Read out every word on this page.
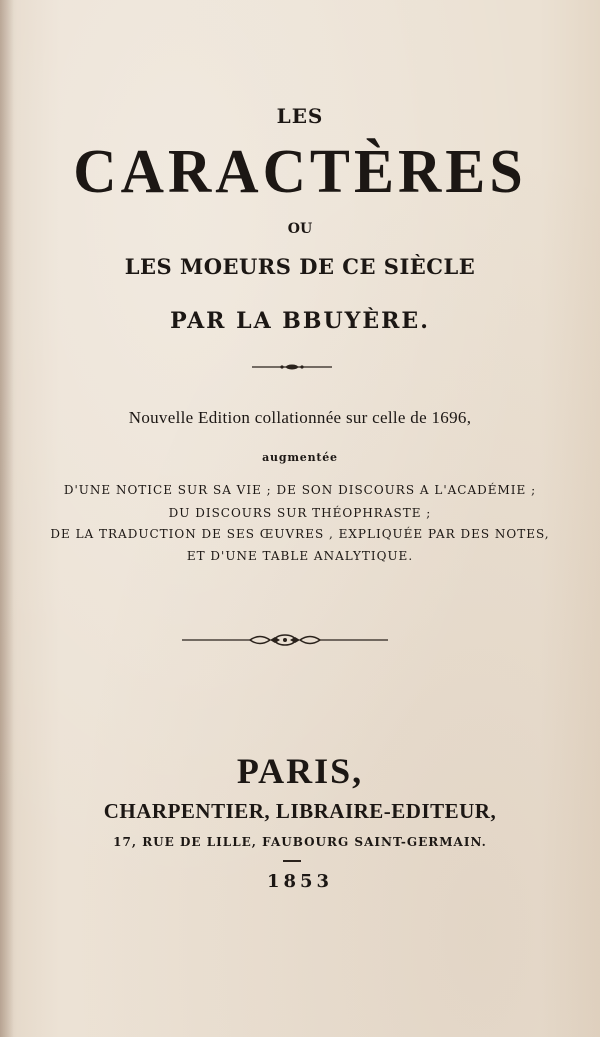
LES
CARACTÈRES
OU
LES MOEURS DE CE SIÈCLE
PAR LA BBUYÈRE.
Nouvelle Edition collationnée sur celle de 1696,
augmentée
D'UNE NOTICE SUR SA VIE ; DE SON DISCOURS A L'ACADÉMIE ;
DU DISCOURS SUR THÉOPHRASTE ;
DE LA TRADUCTION DE SES ŒUVRES , EXPLIQUÉE PAR DES NOTES,
ET D'UNE TABLE ANALYTIQUE.
PARIS,
CHARPENTIER, LIBRAIRE-EDITEUR,
17, RUE DE LILLE, FAUBOURG SAINT-GERMAIN.
1853
